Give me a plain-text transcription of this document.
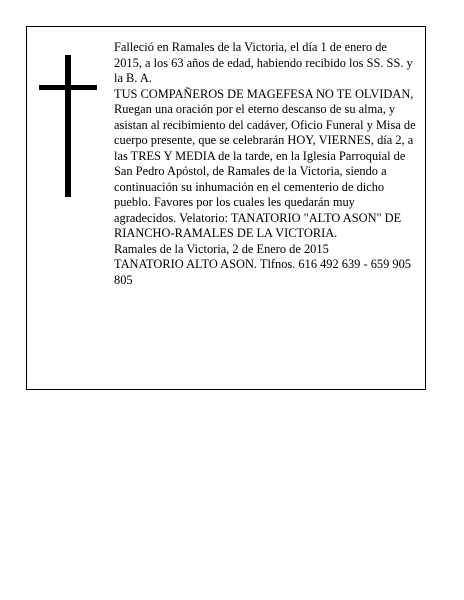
Falleció en Ramales de la Victoria, el día 1 de enero de 2015, a los 63 años de edad, habiendo recibido los SS. SS. y la B. A.

TUS COMPAÑEROS DE MAGEFESA NO TE OLVIDAN,

Ruegan una oración por el eterno descanso de su alma, y asistan al recibimiento del cadáver, Oficio Funeral y Misa de cuerpo presente, que se celebrarán HOY, VIERNES, día 2, a las TRES Y MEDIA de la tarde, en la Iglesia Parroquial de San Pedro Apóstol, de Ramales de la Victoria, siendo a continuación su inhumación en el cementerio de dicho pueblo. Favores por los cuales les quedarán muy agradecidos. Velatorio: TANATORIO "ALTO ASON" DE RIANCHO-RAMALES DE LA VICTORIA.

Ramales de la Victoria, 2 de Enero de 2015

TANATORIO ALTO ASON. Tlfnos. 616 492 639 - 659 905 805
